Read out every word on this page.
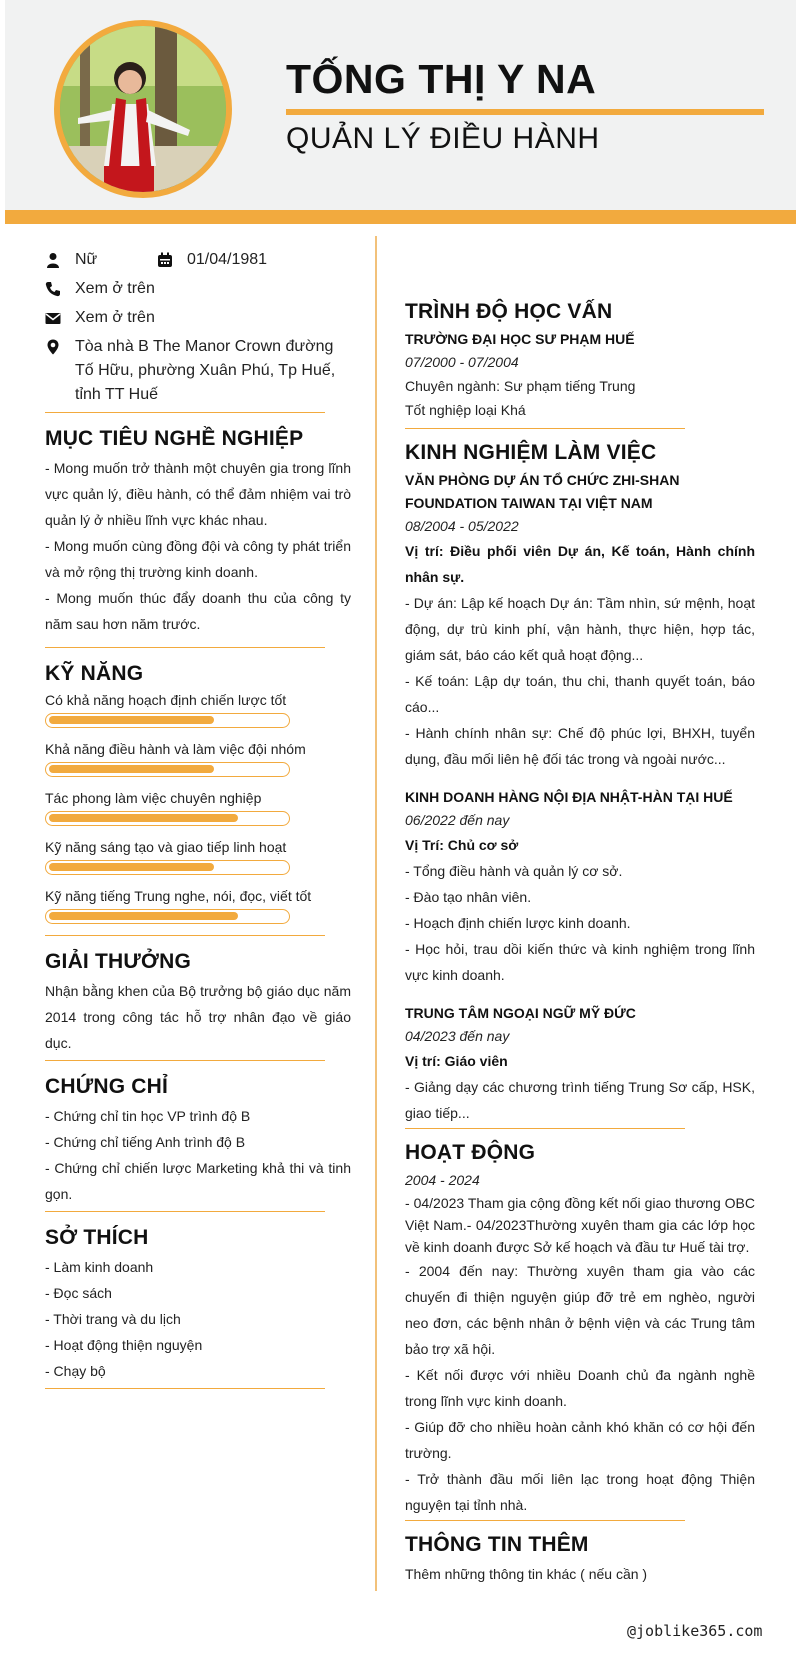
TỐNG THỊ Y NA
QUẢN LÝ ĐIỀU HÀNH
Nữ	01/04/1981
Xem ở trên
Xem ở trên
Tòa nhà B The Manor Crown đường Tố Hữu, phường Xuân Phú, Tp Huế, tỉnh TT Huế
MỤC TIÊU NGHỀ NGHIỆP
- Mong muốn trở thành một chuyên gia trong lĩnh vực quản lý, điều hành, có thể đảm nhiệm vai trò quản lý ở nhiều lĩnh vực khác nhau.
- Mong muốn cùng đồng đội và công ty phát triển và mở rộng thị trường kinh doanh.
- Mong muốn thúc đẩy doanh thu của công ty năm sau hơn năm trước.
KỸ NĂNG
Có khả năng hoạch định chiến lược tốt
Khả năng điều hành và làm việc đội nhóm
Tác phong làm việc chuyên nghiệp
Kỹ năng sáng tạo và giao tiếp linh hoạt
Kỹ năng tiếng Trung nghe, nói, đọc, viết tốt
GIẢI THƯỞNG
Nhận bằng khen của Bộ trưởng bộ giáo dục năm 2014 trong công tác hỗ trợ nhân đạo về giáo dục.
CHỨNG CHỈ
- Chứng chỉ tin học VP trình độ B
- Chứng chỉ tiếng Anh trình độ B
- Chứng chỉ chiến lược Marketing khả thi và tinh gọn.
SỞ THÍCH
- Làm kinh doanh
- Đọc sách
- Thời trang và du lịch
- Hoạt động thiện nguyện
- Chạy bộ
TRÌNH ĐỘ HỌC VẤN
TRƯỜNG ĐẠI HỌC SƯ PHẠM HUẾ
07/2000 - 07/2004
Chuyên ngành: Sư phạm tiếng Trung
Tốt nghiệp loại Khá
KINH NGHIỆM LÀM VIỆC
VĂN PHÒNG DỰ ÁN TỔ CHỨC ZHI-SHAN FOUNDATION TAIWAN TẠI VIỆT NAM
08/2004 - 05/2022
Vị trí: Điều phối viên Dự án, Kế toán, Hành chính nhân sự.
- Dự án: Lập kế hoạch Dự án: Tầm nhìn, sứ mệnh, hoạt động, dự trù kinh phí, vận hành, thực hiện, hợp tác, giám sát, báo cáo kết quả hoạt động...
- Kế toán: Lập dự toán, thu chi, thanh quyết toán, báo cáo...
- Hành chính nhân sự: Chế độ phúc lợi, BHXH, tuyển dụng, đầu mối liên hệ đối tác trong và ngoài nước...
KINH DOANH HÀNG NỘI ĐỊA NHẬT-HÀN TẠI HUẾ
06/2022 đến nay
Vị Trí: Chủ cơ sở
- Tổng điều hành và quản lý cơ sở.
- Đào tạo nhân viên.
- Hoạch định chiến lược kinh doanh.
- Học hỏi, trau dồi kiến thức và kinh nghiệm trong lĩnh vực kinh doanh.
TRUNG TÂM NGOẠI NGỮ MỸ ĐỨC
04/2023 đến nay
Vị trí: Giáo viên
- Giảng dạy các chương trình tiếng Trung Sơ cấp, HSK, giao tiếp...
HOẠT ĐỘNG
2004 - 2024
- 04/2023 Tham gia cộng đồng kết nối giao thương OBC Việt Nam.- 04/2023Thường xuyên tham gia các lớp học về kinh doanh được Sở kế hoạch và đầu tư Huế tài trợ.
- 2004 đến nay: Thường xuyên tham gia vào các chuyến đi thiện nguyện giúp đỡ trẻ em nghèo, người neo đơn, các bệnh nhân ở bệnh viện và các Trung tâm bảo trợ xã hội.
- Kết nối được với nhiều Doanh chủ đa ngành nghề trong lĩnh vực kinh doanh.
- Giúp đỡ cho nhiều hoàn cảnh khó khăn có cơ hội đến trường.
- Trở thành đầu mối liên lạc trong hoạt động Thiện nguyện tại tỉnh nhà.
THÔNG TIN THÊM
Thêm những thông tin khác ( nếu cần )
@joblike365.com
